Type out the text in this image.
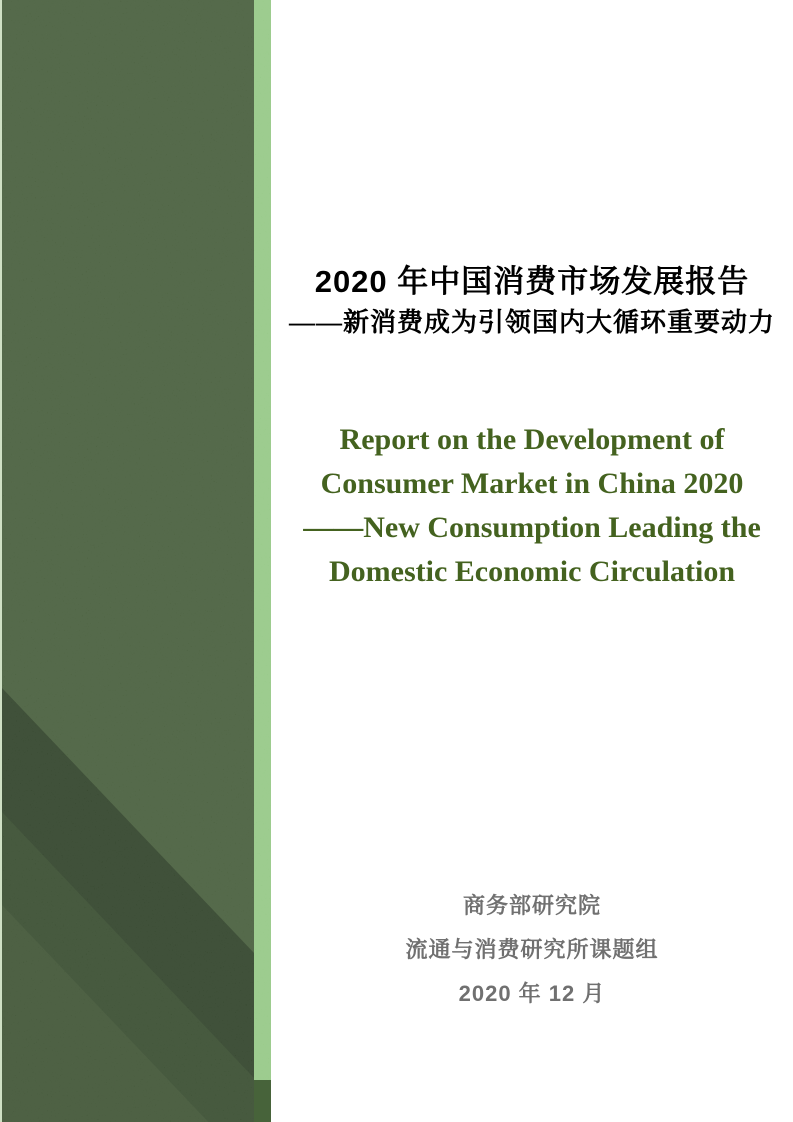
2020 年中国消费市场发展报告
——新消费成为引领国内大循环重要动力
Report on the Development of
Consumer Market in China 2020
——New Consumption Leading the
Domestic Economic Circulation
商务部研究院
流通与消费研究所课题组
2020 年 12 月
